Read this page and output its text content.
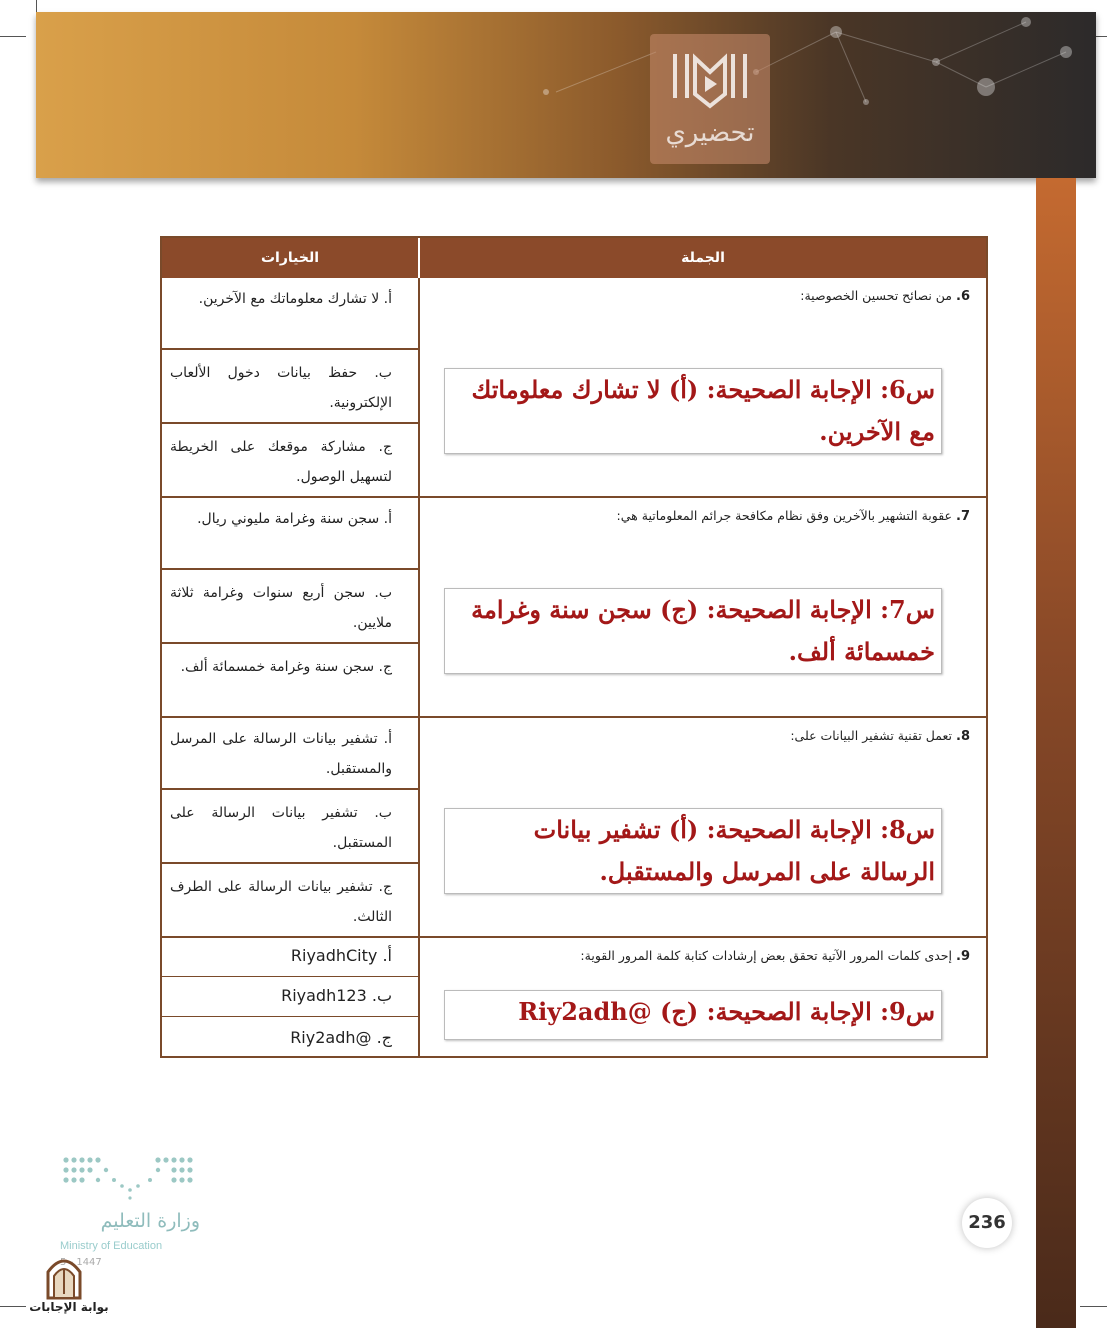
تحضيري
الخيارات	الجملة
6. من نصائح تحسين الخصوصية:
س6: الإجابة الصحيحة: (أ) لا تشارك معلوماتك مع الآخرين.
أ. لا تشارك معلوماتك مع الآخرين.
ب. حفظ بيانات دخول الألعاب الإلكترونية.
ج. مشاركة موقعك على الخريطة لتسهيل الوصول.
7. عقوبة التشهير بالآخرين وفق نظام مكافحة جرائم المعلوماتية هي:
س7: الإجابة الصحيحة: (ج) سجن سنة وغرامة خمسمائة ألف.
أ. سجن سنة وغرامة مليوني ريال.
ب. سجن أربع سنوات وغرامة ثلاثة ملايين.
ج. سجن سنة وغرامة خمسمائة ألف.
8. تعمل تقنية تشفير البيانات على:
س8: الإجابة الصحيحة: (أ) تشفير بيانات الرسالة على المرسل والمستقبل.
أ. تشفير بيانات الرسالة على المرسل والمستقبل.
ب. تشفير بيانات الرسالة على المستقبل.
ج. تشفير بيانات الرسالة على الطرف الثالث.
9. إحدى كلمات المرور الآتية تحقق بعض إرشادات كتابة كلمة المرور القوية:
س9: الإجابة الصحيحة: (ج) @Riy2adh
أ. RiyadhCity
ب. Riyadh123
ج. @Riy2adh
وزارة التعليم
Ministry of Education
5 - 1447
بوابة الإجابات
236
